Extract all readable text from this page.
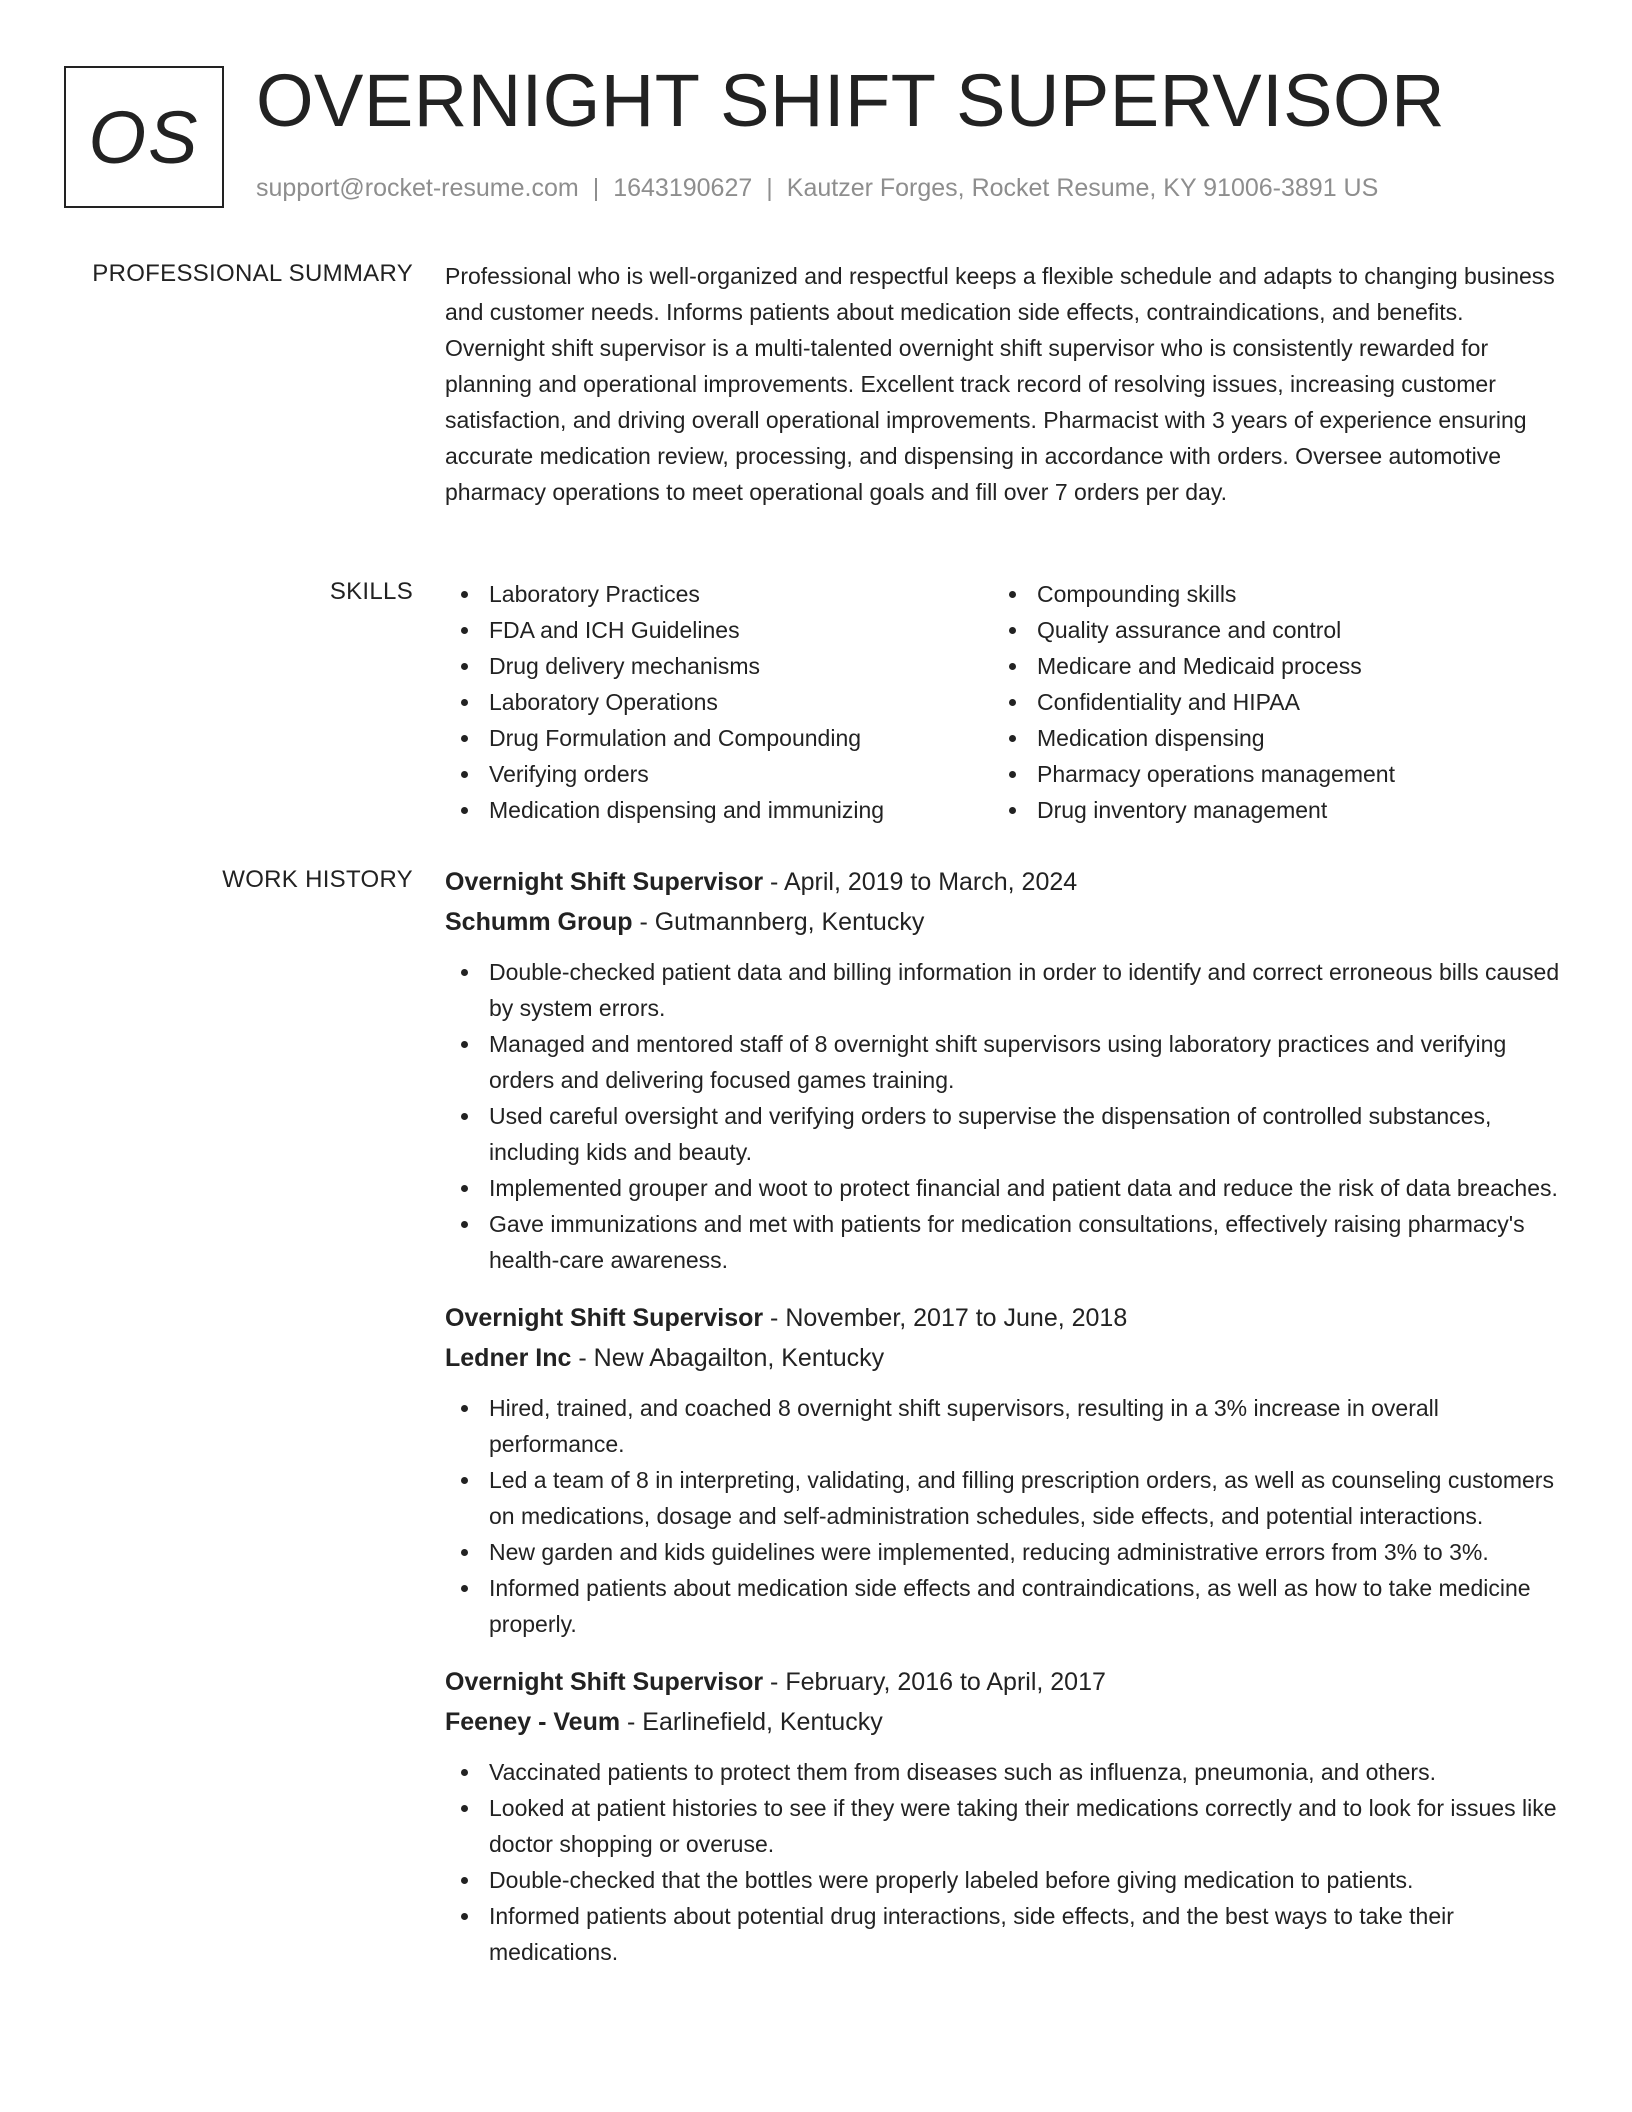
OS OVERNIGHT SHIFT SUPERVISOR
support@rocket-resume.com | 1643190627 | Kautzer Forges, Rocket Resume, KY 91006-3891 US
PROFESSIONAL SUMMARY Professional who is well-organized and respectful keeps a flexible schedule and adapts to changing business and customer needs. Informs patients about medication side effects, contraindications, and benefits. Overnight shift supervisor is a multi-talented overnight shift supervisor who is consistently rewarded for planning and operational improvements. Excellent track record of resolving issues, increasing customer satisfaction, and driving overall operational improvements. Pharmacist with 3 years of experience ensuring accurate medication review, processing, and dispensing in accordance with orders. Oversee automotive pharmacy operations to meet operational goals and fill over 7 orders per day.
SKILLS	Laboratory Practices
FDA and ICH Guidelines
Drug delivery mechanisms
Laboratory Operations
Drug Formulation and Compounding
Verifying orders
Medication dispensing and immunizing
Compounding skills
Quality assurance and control
Medicare and Medicaid process
Confidentiality and HIPAA
Medication dispensing
Pharmacy operations management
Drug inventory management
WORK HISTORY Overnight Shift Supervisor - April, 2019 to March, 2024
Schumm Group - Gutmannberg, Kentucky
Double-checked patient data and billing information in order to identify and correct erroneous bills caused by system errors.
Managed and mentored staff of 8 overnight shift supervisors using laboratory practices and verifying orders and delivering focused games training.
Used careful oversight and verifying orders to supervise the dispensation of controlled substances, including kids and beauty.
Implemented grouper and woot to protect financial and patient data and reduce the risk of data breaches.
Gave immunizations and met with patients for medication consultations, effectively raising pharmacy's health-care awareness.
Overnight Shift Supervisor - November, 2017 to June, 2018
Ledner Inc - New Abagailton, Kentucky
Hired, trained, and coached 8 overnight shift supervisors, resulting in a 3% increase in overall performance.
Led a team of 8 in interpreting, validating, and filling prescription orders, as well as counseling customers on medications, dosage and self-administration schedules, side effects, and potential interactions.
New garden and kids guidelines were implemented, reducing administrative errors from 3% to 3%.
Informed patients about medication side effects and contraindications, as well as how to take medicine properly.
Overnight Shift Supervisor - February, 2016 to April, 2017
Feeney - Veum - Earlinefield, Kentucky
Vaccinated patients to protect them from diseases such as influenza, pneumonia, and others.
Looked at patient histories to see if they were taking their medications correctly and to look for issues like doctor shopping or overuse.
Double-checked that the bottles were properly labeled before giving medication to patients.
Informed patients about potential drug interactions, side effects, and the best ways to take their medications.
